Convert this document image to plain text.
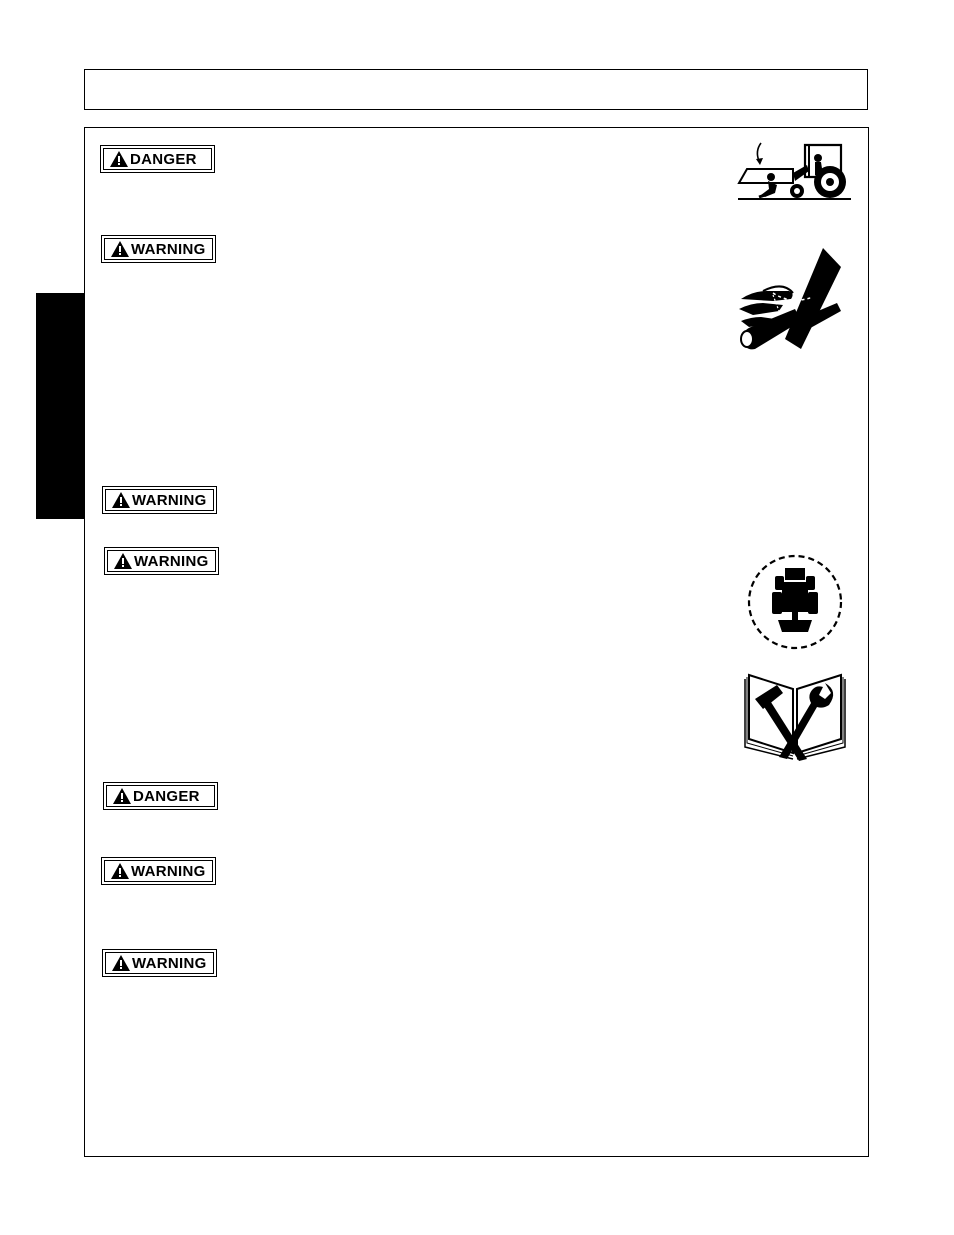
DANGER
WARNING
WARNING
WARNING
DANGER
WARNING
WARNING
